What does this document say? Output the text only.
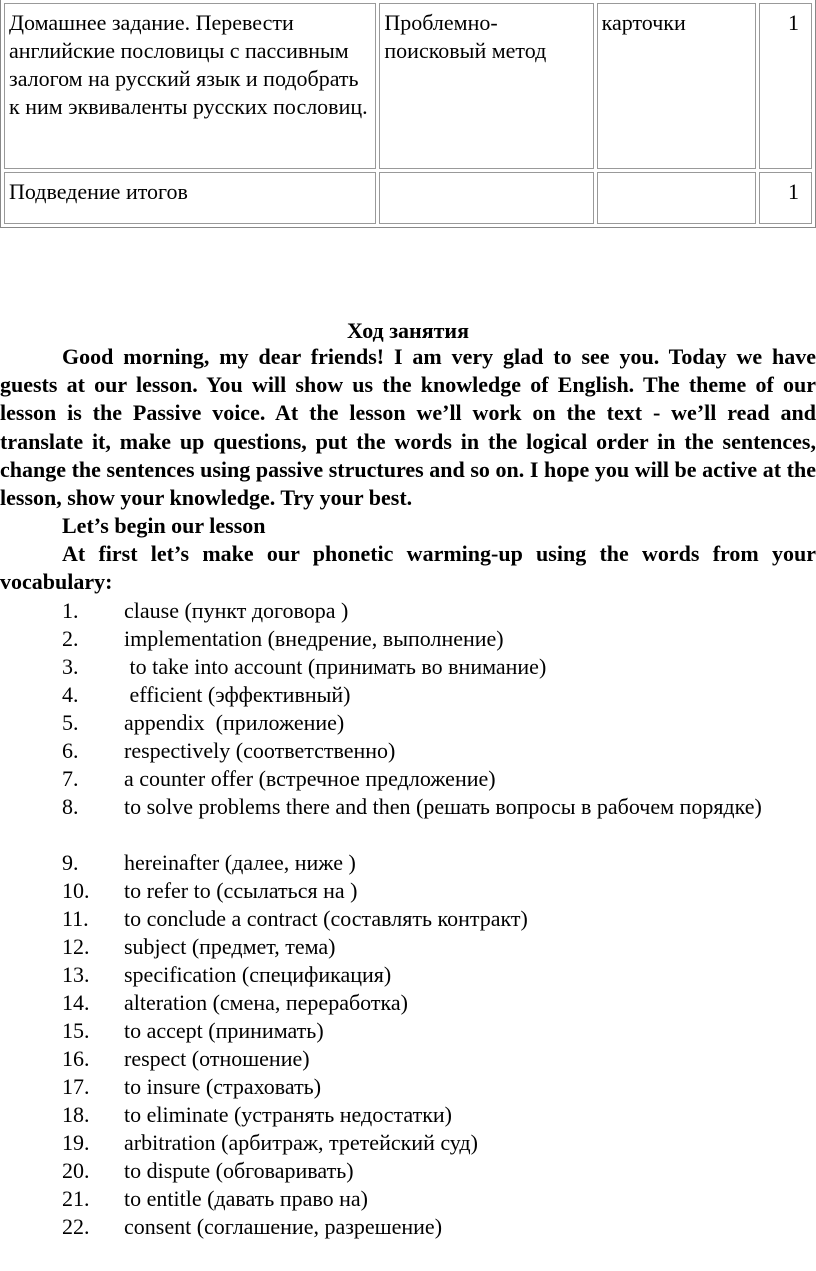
Домашнее задание. Перевести английские пословицы с пассивным залогом на русский язык и подобрать к ним эквиваленты русских пословиц.	Проблемно-поисковый метод	карточки	1
Подведение итогов			1
Ход занятия

Good morning, my dear friends! I am very glad to see you. Today we have guests at our lesson. You will show us the knowledge of English. The theme of our lesson is the Passive voice. At the lesson we’ll work on the text - we’ll read and translate it, make up questions, put the words in the logical order in the sentences, change the sentences using passive structures and so on. I hope you will be active at the lesson, show your knowledge. Try your best.

Let’s begin our lesson
At first let’s make our phonetic warming-up using the words from your
vocabulary:
1. clause (пункт договора )
2. implementation (внедрение, выполнение)
3. to take into account (принимать во внимание)
4. efficient (эффективный)
5. appendix  (приложение)
6. respectively (соответственно)
7. a counter offer (встречное предложение)
8.	to solve problems there and then (решать вопросы в рабочем порядке)
9. hereinafter (далее, ниже )
10. to refer to (ссылаться на )
11. to conclude a contract (составлять контракт)
12. subject (предмет, тема)
13. specification (спецификация)
14. alteration (смена, переработка)
15. to accept (принимать)
16. respect (отношение)
17. to insure (страховать)
18. to eliminate (устранять недостатки)
19. arbitration (арбитраж, третейский суд)
20. to dispute (обговаривать)
21. to entitle (давать право на)
22. consent (соглашение, разрешение)
